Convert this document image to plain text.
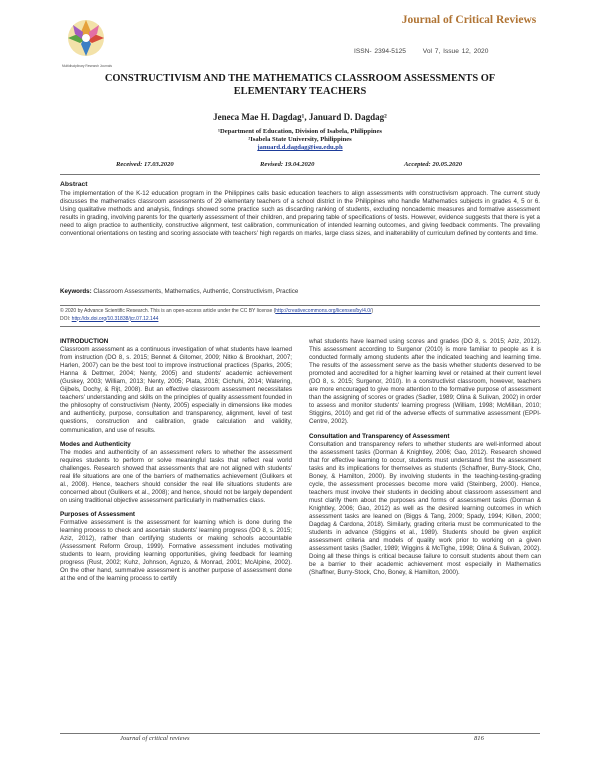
Multidisciplinary Research Journals
Journal of Critical Reviews
ISSN- 2394-5125	Vol 7, Issue 12, 2020
CONSTRUCTIVISM AND THE MATHEMATICS CLASSROOM ASSESSMENTS OF ELEMENTARY TEACHERS
Jeneca Mae H. Dagdag¹, Januard D. Dagdag²
¹Department of Education, Division of Isabela, Philippines
²Isabela State University, Philippines
januard.d.dagdag@isu.edu.ph
Received: 17.03.2020	Revised: 19.04.2020	Accepted: 20.05.2020
Abstract
The implementation of the K-12 education program in the Philippines calls basic education teachers to align assessments with constructivism approach. The current study discusses the mathematics classroom assessments of 29 elementary teachers of a school district in the Philippines who handle Mathematics subjects in grades 4, 5 or 6. Using qualitative methods and analysis, findings showed some practice such as discarding ranking of students, excluding noncademic measures and formative assessment results in grading, involving parents for the quarterly assessment of their children, and preparing table of specifications of tests. However, evidence suggests that there is yet a need to align practice to authenticity, constructive alignment, test calibration, communication of intended learning outcomes, and giving feedback comments. The prevailing conventional orientations on testing and scoring associate with teachers' high regards on marks, large class sizes, and inalterability of curriculum defined by contents and time.
Keywords: Classroom Assessments, Mathematics, Authentic, Constructivism, Practice
© 2020 by Advance Scientific Research. This is an open-access article under the CC BY license (http://creativecommons.org/licenses/by/4.0/)
DOI: http://dx.doi.org/10.31838/jcr.07.12.144
INTRODUCTION

Classroom assessment as a continuous investigation of what students have learned from instruction (DO 8, s. 2015; Bennet & Gitomer, 2009; Nitko & Brookhart, 2007; Harlen, 2007) can be the best tool to improve instructional practices (Sparks, 2005; Hanna & Dettmer, 2004; Nenty, 2005) and students' academic achievement (Guskey, 2003; William, 2013; Nenty, 2005; Plata, 2016; Cichuhi, 2014; Watering, Gijbels, Dochy, & Rijt, 2008). But an effective classroom assessment necessitates teachers' understanding and skills on the principles of quality assessment founded in the philosophy of constructivism (Nenty, 2005) especially in dimensions like modes and authenticity, purpose, consultation and transparency, alignment, level of test questions, construction and calibration, grade calculation and validity, communication, and use of results.

Modes and Authenticity

The modes and authenticity of an assessment refers to whether the assessment requires students to perform or solve meaningful tasks that reflect real world challenges. Research showed that assessments that are not aligned with students' real life situations are one of the barriers of mathematics achievement (Gulikers et al., 2008). Hence, teachers should consider the real life situations students are concerned about (Gulikers et al., 2008); and hence, should not be largely dependent on using traditional objective assessment particularly in mathematics class.

Purposes of Assessment

Formative assessment is the assessment for learning which is done during the learning process to check and ascertain students' learning progress (DO 8, s. 2015; Aziz, 2012), rather than certifying students or making schools accountable (Assessment Reform Group, 1999). Formative assessment includes motivating students to learn, providing learning opportunities, giving feedback for learning progress (Rust, 2002; Kuhz, Johnson, Agruzo, & Monrad, 2001; McAlpine, 2002). On the other hand, summative assessment is another purpose of assessment done at the end of the learning process to certify

what students have learned using scores and grades (DO 8, s. 2015; Aziz, 2012). This assessment according to Surgenor (2010) is more familiar to people as it is conducted formally among students after the indicated teaching and learning time. The results of the assessment serve as the basis whether students deserved to be promoted and accredited for a higher learning level or retained at their current level (DO 8, s. 2015; Surgenor, 2010). In a constructivist classroom, however, teachers are more encouraged to give more attention to the formative purpose of assessment than the assigning of scores or grades (Sadler, 1989; Olina & Sulivan, 2002) in order to assess and monitor students' learning progress (William, 1998; McMillan, 2010; Stiggins, 2010) and get rid of the adverse effects of summative assessment (EPPI-Centre, 2002).

Consultation and Transparency of Assessment

Consultation and transparency refers to whether students are well-informed about the assessment tasks (Dorman & Knightley, 2006; Gao, 2012). Research showed that for effective learning to occur, students must understand first the assessment tasks and its implications for themselves as students (Schaffner, Burry-Stock, Cho, Boney, & Hamilton, 2000). By involving students in the teaching-testing-grading cycle, the assessment processes become more valid (Steinberg, 2000). Hence, teachers must involve their students in deciding about classroom assessment and must clarify them about the purposes and forms of assessment tasks (Dorman & Knightley, 2006; Gao, 2012) as well as the desired learning outcomes in which assessment tasks are leaned on (Biggs & Tang, 2009; Spady, 1994; Killen, 2000; Dagdag & Cardona, 2018). Similarly, grading criteria must be communicated to the students in advance (Stiggins et al., 1989). Students should be given explicit assessment criteria and models of quality work prior to working on a given assessment tasks (Sadler, 1989; Wiggins & McTighe, 1998; Olina & Sulivan, 2002). Doing all these things is critical because failure to consult students about them can be a barrier to their academic achievement most especially in Mathematics (Shaffner, Burry-Stock, Cho, Boney, & Hamilton, 2000).

Journal of critical reviews	816
